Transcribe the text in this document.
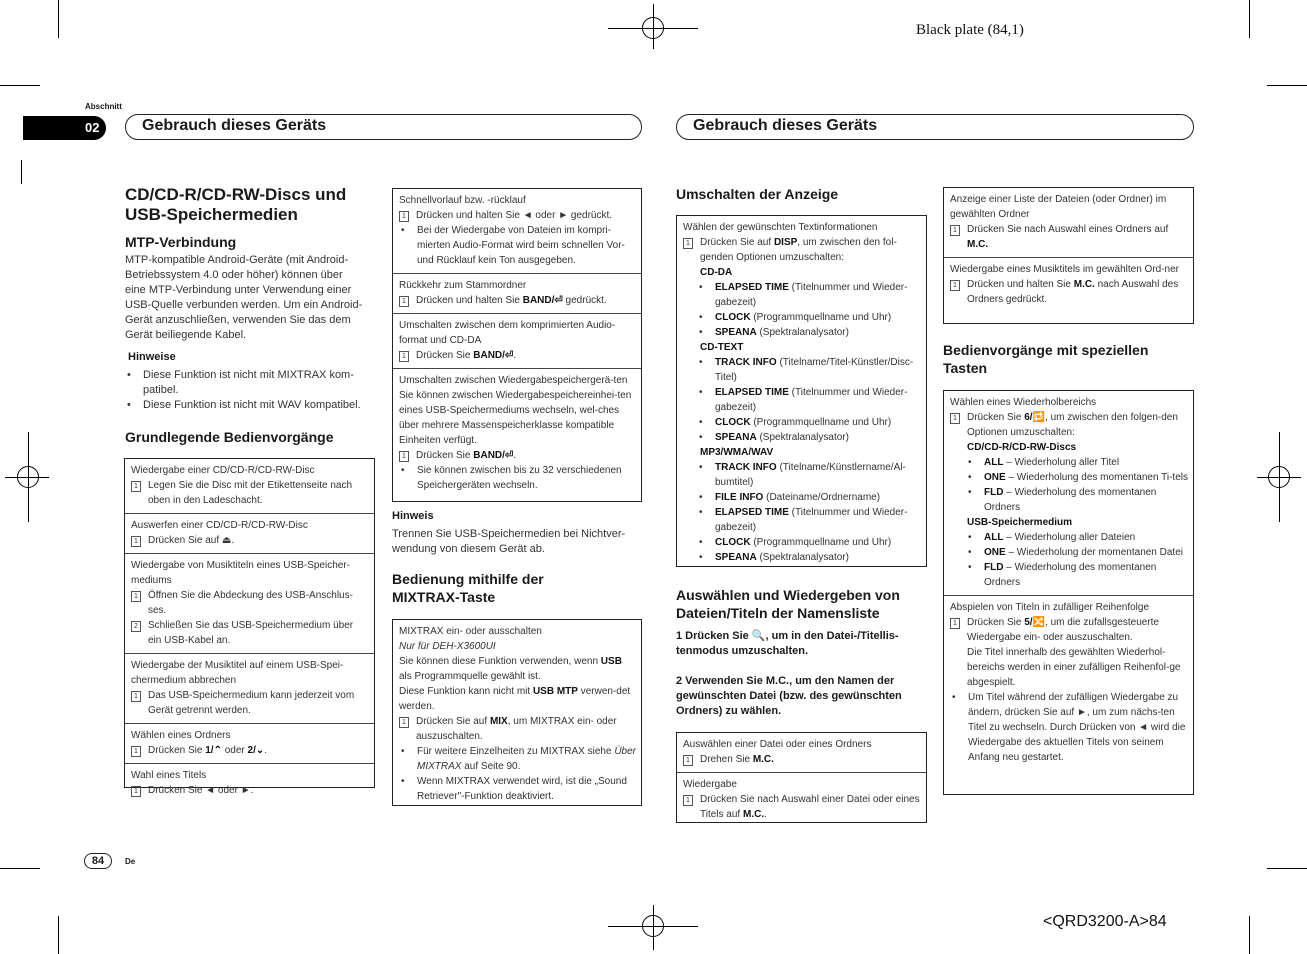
Black plate (84,1)
<QRD3200-A>84
Abschnitt
02	Gebrauch dieses Geräts	Gebrauch dieses Geräts
CD/CD-R/CD-RW-Discs und
USB-Speichermedien
MTP-Verbindung
MTP-kompatible Android-Geräte (mit Android-Betriebssystem 4.0 oder höher) können über eine MTP-Verbindung unter Verwendung einer USB-Quelle verbunden werden. Um ein Android-Gerät anzuschließen, verwenden Sie das dem Gerät beiliegende Kabel.
Hinweise
•	Diese Funktion ist nicht mit MIXTRAX kom-patibel.
•	Diese Funktion ist nicht mit WAV kompatibel.
Grundlegende Bedienvorgänge
Wiedergabe einer CD/CD-R/CD-RW-Disc
1	Legen Sie die Disc mit der Etikettenseite nach oben in den Ladeschacht.
Auswerfen einer CD/CD-R/CD-RW-Disc
1	Drücken Sie auf ⏏.
Wiedergabe von Musiktiteln eines USB-Speicher-mediums
1	Öffnen Sie die Abdeckung des USB-Anschlus-ses.
2	Schließen Sie das USB-Speichermedium über ein USB-Kabel an.
Wiedergabe der Musiktitel auf einem USB-Spei-chermedium abbrechen
1	Das USB-Speichermedium kann jederzeit vom Gerät getrennt werden.
Wählen eines Ordners
1	Drücken Sie 1/⌃ oder 2/⌄.
Wahl eines Titels
1	Drücken Sie ◄ oder ►.
Schnellvorlauf bzw. -rücklauf
1	Drücken und halten Sie ◄ oder ► gedrückt.
•	Bei der Wiedergabe von Dateien im kompri-mierten Audio-Format wird beim schnellen Vor- und Rücklauf kein Ton ausgegeben.
Rückkehr zum Stammordner
1	Drücken und halten Sie BAND/⏎ gedrückt.
Umschalten zwischen dem komprimierten Audio-format und CD-DA
1	Drücken Sie BAND/⏎.
Umschalten zwischen Wiedergabespeichergerä-ten
Sie können zwischen Wiedergabespeichereinhei-ten eines USB-Speichermediums wechseln, wel-ches über mehrere Massenspeicherklasse kompatible Einheiten verfügt.
1	Drücken Sie BAND/⏎.
•	Sie können zwischen bis zu 32 verschiedenen Speichergeräten wechseln.
Hinweis
Trennen Sie USB-Speichermedien bei Nichtver-wendung von diesem Gerät ab.
Bedienung mithilfe der
MIXTRAX-Taste
MIXTRAX ein- oder ausschalten
Nur für DEH-X3600UI
Sie können diese Funktion verwenden, wenn USB als Programmquelle gewählt ist.
Diese Funktion kann nicht mit USB MTP verwen-det werden.
1	Drücken Sie auf MIX, um MIXTRAX ein- oder auszuschalten.
•	Für weitere Einzelheiten zu MIXTRAX siehe Über MIXTRAX auf Seite 90.
•	Wenn MIXTRAX verwendet wird, ist die „Sound Retriever"-Funktion deaktiviert.
Umschalten der Anzeige
Wählen der gewünschten Textinformationen
1	Drücken Sie auf DISP, um zwischen den fol-genden Optionen umzuschalten:
CD-DA
•	ELAPSED TIME (Titelnummer und Wieder-gabezeit)
•	CLOCK (Programmquellname und Uhr)
•	SPEANA (Spektralanalysator)
CD-TEXT
•	TRACK INFO (Titelname/Titel-Künstler/Disc-Titel)
•	ELAPSED TIME (Titelnummer und Wieder-gabezeit)
•	CLOCK (Programmquellname und Uhr)
•	SPEANA (Spektralanalysator)
MP3/WMA/WAV
•	TRACK INFO (Titelname/Künstlername/Al-bumtitel)
•	FILE INFO (Dateiname/Ordnername)
•	ELAPSED TIME (Titelnummer und Wieder-gabezeit)
•	CLOCK (Programmquellname und Uhr)
•	SPEANA (Spektralanalysator)
Auswählen und Wiedergeben von
Dateien/Titeln der Namensliste
1 Drücken Sie 🔍, um in den Datei-/Titellis-tenmodus umzuschalten.
2 Verwenden Sie M.C., um den Namen der gewünschten Datei (bzw. des gewünschten Ordners) zu wählen.
Auswählen einer Datei oder eines Ordners
1	Drehen Sie M.C.
Wiedergabe
1	Drücken Sie nach Auswahl einer Datei oder eines Titels auf M.C..
Anzeige einer Liste der Dateien (oder Ordner) im gewählten Ordner
1	Drücken Sie nach Auswahl eines Ordners auf M.C.
Wiedergabe eines Musiktitels im gewählten Ord-ner
1	Drücken und halten Sie M.C. nach Auswahl des Ordners gedrückt.
Bedienvorgänge mit speziellen
Tasten
Wählen eines Wiederholbereichs
1	Drücken Sie 6/🔁, um zwischen den folgen-den Optionen umzuschalten:
CD/CD-R/CD-RW-Discs
•	ALL – Wiederholung aller Titel
•	ONE – Wiederholung des momentanen Ti-tels
•	FLD – Wiederholung des momentanen Ordners
USB-Speichermedium
•	ALL – Wiederholung aller Dateien
•	ONE – Wiederholung der momentanen Datei
•	FLD – Wiederholung des momentanen Ordners
Abspielen von Titeln in zufälliger Reihenfolge
1	Drücken Sie 5/🔀, um die zufallsgesteuerte Wiedergabe ein- oder auszuschalten.
Die Titel innerhalb des gewählten Wiederhol-bereichs werden in einer zufälligen Reihenfol-ge abgespielt.
•	Um Titel während der zufälligen Wiedergabe zu ändern, drücken Sie auf ►, um zum nächs-ten Titel zu wechseln. Durch Drücken von ◄ wird die Wiedergabe des aktuellen Titels von seinem Anfang neu gestartet.
84	De
